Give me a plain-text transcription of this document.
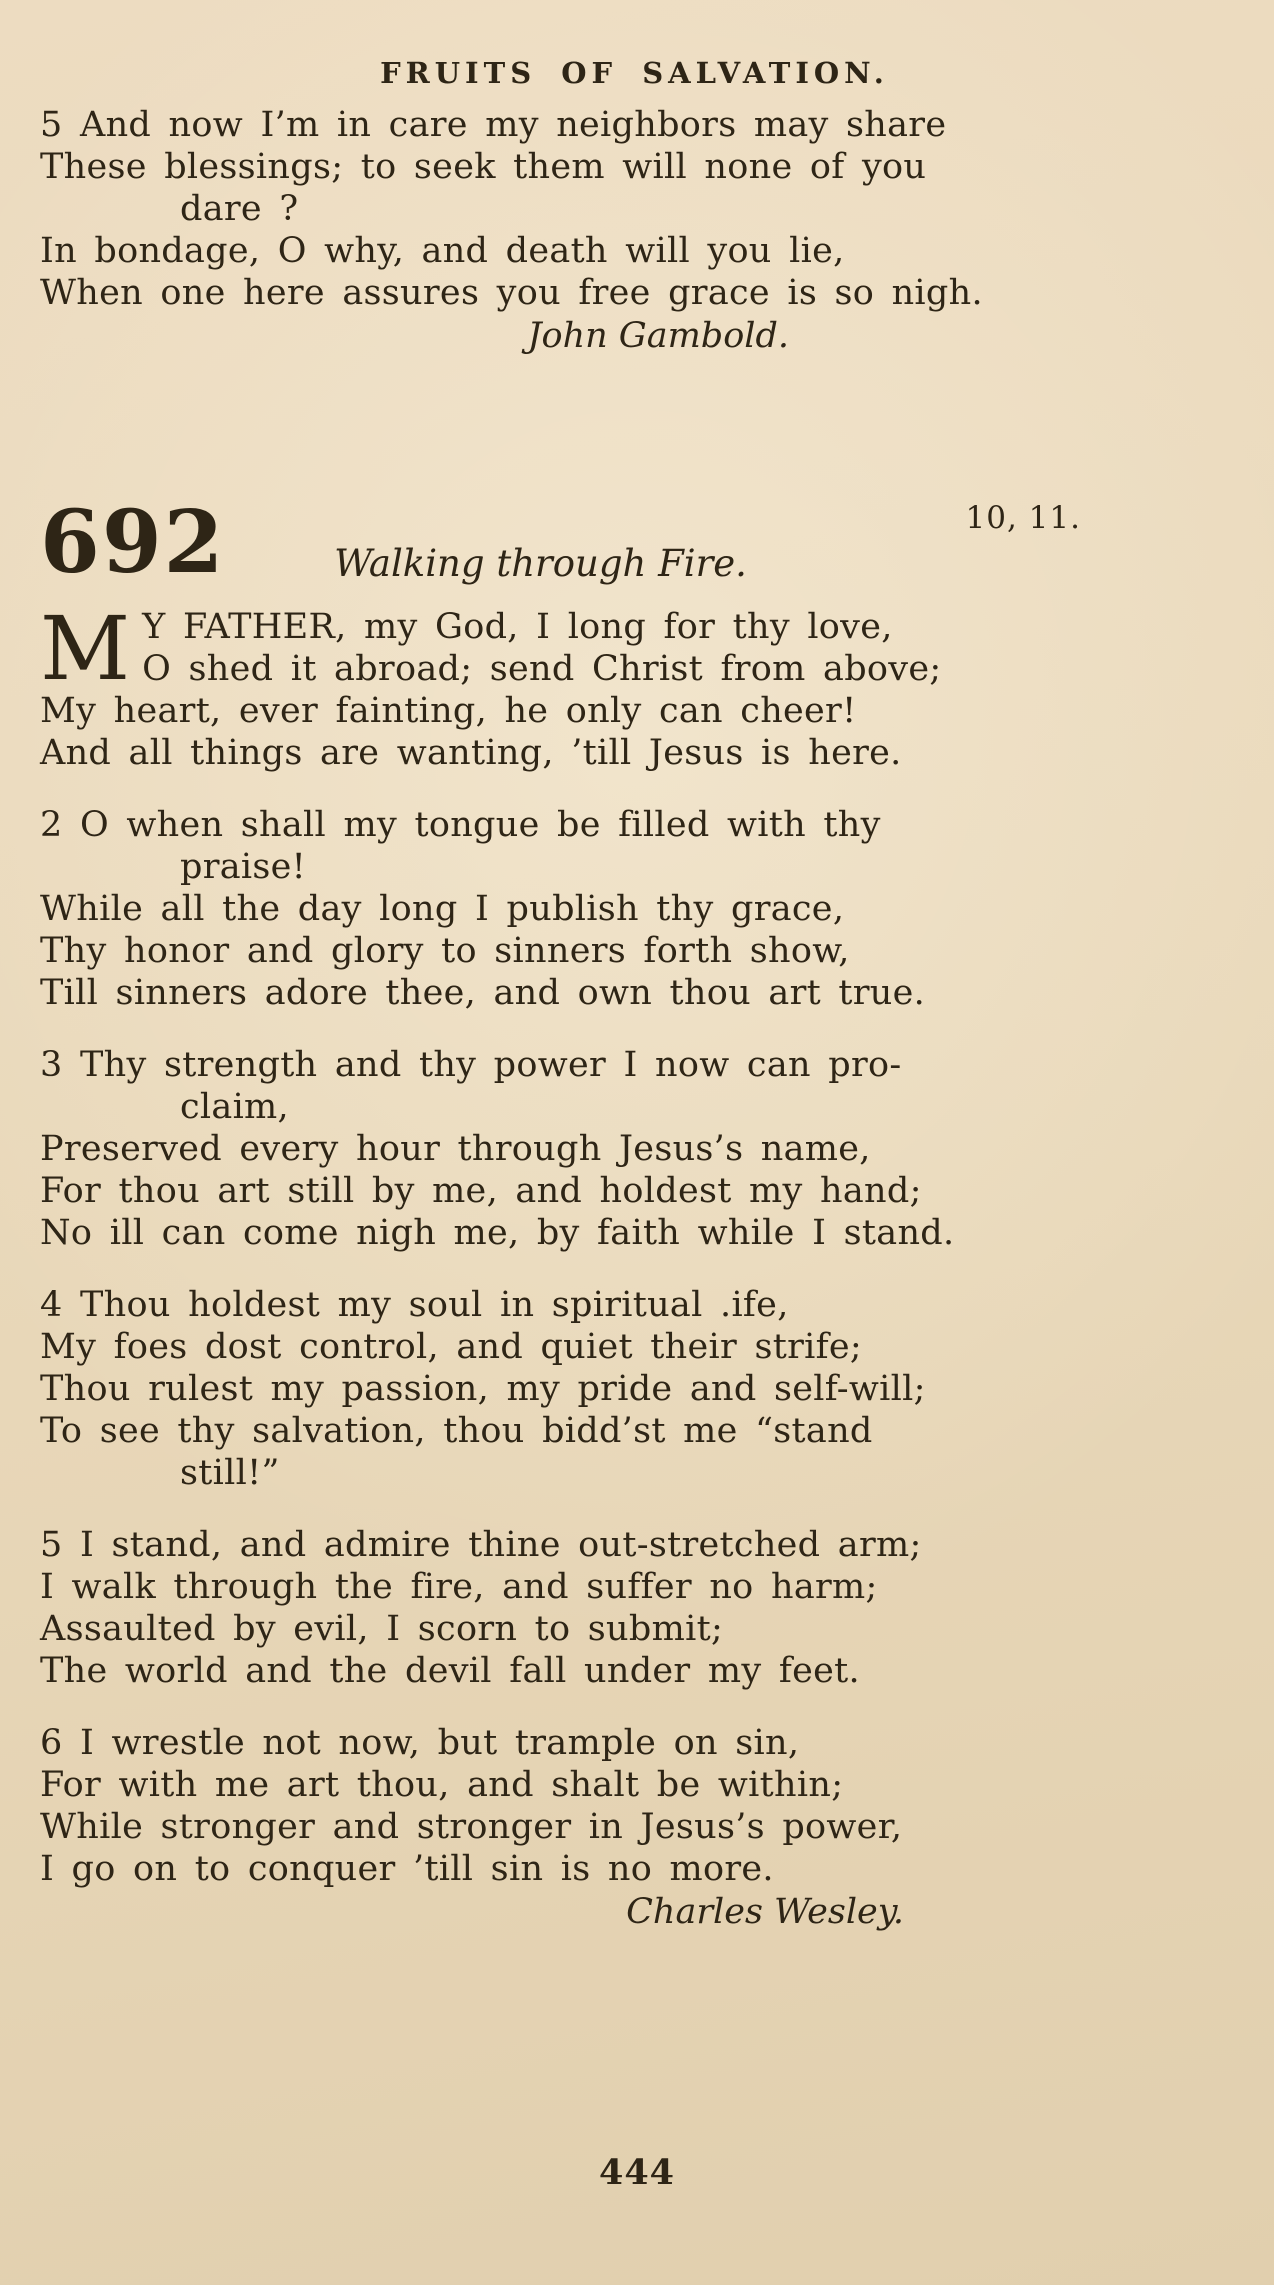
FRUITS OF SALVATION.

5 And now I’m in care my neighbors may share

These blessings; to seek them will none of you

dare ?

In bondage, O why, and death will you lie,

When one here assures you free grace is so nigh.

John Gambold.

692	Walking through Fire.
10, 11.
M Y FATHER, my God, I long for thy love,

O shed it abroad; send Christ from above;

My heart, ever fainting, he only can cheer!

And all things are wanting, ’till Jesus is here.

2 O when shall my tongue be filled with thy

praise!

While all the day long I publish thy grace,

Thy honor and glory to sinners forth show,

Till sinners adore thee, and own thou art true.

3 Thy strength and thy power I now can pro-

claim,

Preserved every hour through Jesus’s name,

For thou art still by me, and holdest my hand;

No ill can come nigh me, by faith while I stand.

4 Thou holdest my soul in spiritual .ife,

My foes dost control, and quiet their strife;

Thou rulest my passion, my pride and self-will;

To see thy salvation, thou bidd’st me “stand

still!”

5 I stand, and admire thine out-stretched arm;

I walk through the fire, and suffer no harm;

Assaulted by evil, I scorn to submit;

The world and the devil fall under my feet.

6 I wrestle not now, but trample on sin,

For with me art thou, and shalt be within;

While stronger and stronger in Jesus’s power,

I go on to conquer ’till sin is no more.

Charles Wesley.

444
